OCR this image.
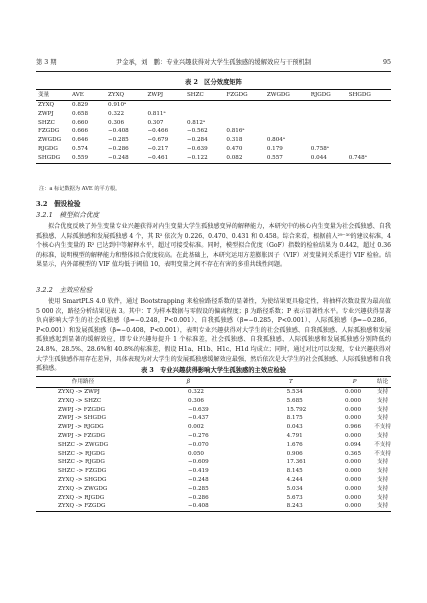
第 3 期	尹金承，刘　鹏：专业兴趣获得对大学生孤独感的缓解效应与干预机制	95
表 2　区分效度矩阵
变量	AVE	ZYXQ	ZWPJ	SHZC	FZGDG	ZWGDG	RJGDG	SHGDG
ZYXQ	0.829	0.910ᵃ						
ZWPJ	0.658	0.322	0.811ᵃ					
SHZC	0.660	0.306	0.307	0.812ᵃ				
FZGDG	0.666	−0.408	−0.466	−0.562	0.816ᵃ			
ZWGDG	0.646	−0.285	−0.679	−0.284	0.318	0.804ᵃ		
RJGDG	0.574	−0.286	−0.217	−0.639	0.470	0.179	0.758ᵃ	
SHGDG	0.559	−0.248	−0.461	−0.122	0.082	0.557	0.044	0.748ᵃ
注：a 标记数据为 AVE 的平方根。
3.2　假设检验
3.2.1　模型拟合优度
拟合优度反映了外生变量专业兴趣获得对内生变量大学生孤独感变异的解释能力，本研究中的核心内生变量为社会孤独感、自我孤独感、人际孤独感和发展孤独感 4 个，其 R² 依次为 0.226、0.470、0.431 和 0.458。综合来看，根据前人²⁹⁻³⁰的建议标准，4 个核心内生变量的 R² 已达到中等解释水平，超过可接受标准。同时，模型拟合优度（GoF）指数的检验结果为 0.442，超过 0.36 的标准，说明模型的解释能力和整体拟合优度较高。在此基础上，本研究运用方差膨胀因子（VIF）对变量间关系进行 VIF 检验。结果显示，内外部模型的 VIF 值均低于阈值 10，表明变量之间不存在有害的多重共线性问题。
3.2.2　主效应检验
使用 SmartPLS 4.0 软件，通过 Bootstrapping 来检验路径系数的显著性，为使结果更具稳定性，将抽样次数设置为最高值 5 000 次，路径分析结果见表 3。其中：T 为样本数据与零假设的偏离程度；β 为路径系数；P 表示显著性水平。专业兴趣获得显著负向影响大学生的社会孤独感（β=−0.248，P<0.001）、自我孤独感（β=−0.285，P<0.001）、人际孤独感（β=−0.286，P<0.001）和发展孤独感（β=−0.408，P<0.001），表明专业兴趣获得对大学生的社会孤独感、自我孤独感、人际孤独感和发展孤独感起到显著的缓解效应，即专业兴趣每提升 1 个标准差，社会孤独感、自我孤独感、人际孤独感和发展孤独感分别降低约 24.8%、28.5%、28.6%和 40.8%的标准差，假设 H1a、H1b、H1c、H1d 均成立；同时，通过对比可以发现，专业兴趣获得对大学生孤独感作用存在差异，具体表现为对大学生的发展孤独感缓解效应最强，然后依次是大学生的社会孤独感、人际孤独感和自我孤独感。	表 3　专业兴趣获得影响大学生孤独感的主效应检验
作用路径	β	T	P	结论
ZYXQ -> ZWPJ	0.322	5.534	0.000	支持
ZYXQ -> SHZC	0.306	5.685	0.000	支持
ZWPJ -> FZGDG	−0.639	15.792	0.000	支持
ZWPJ -> SHGDG	−0.437	8.175	0.000	支持
ZWPJ -> RJGDG	0.002	0.043	0.966	不支持
ZWPJ -> FZGDG	−0.276	4.791	0.000	支持
SHZC -> ZWGDG	−0.070	1.676	0.094	不支持
SHZC -> RJGDG	0.050	0.906	0.365	不支持
SHZC -> RJGDG	−0.609	17.361	0.000	支持
SHZC -> FZGDG	−0.419	8.145	0.000	支持
ZYXQ -> SHGDG	−0.248	4.244	0.000	支持
ZYXQ -> ZWGDG	−0.285	5.034	0.000	支持
ZYXQ -> RJGDG	−0.286	5.673	0.000	支持
ZYXQ -> FZGDG	−0.408	8.243	0.000	支持
